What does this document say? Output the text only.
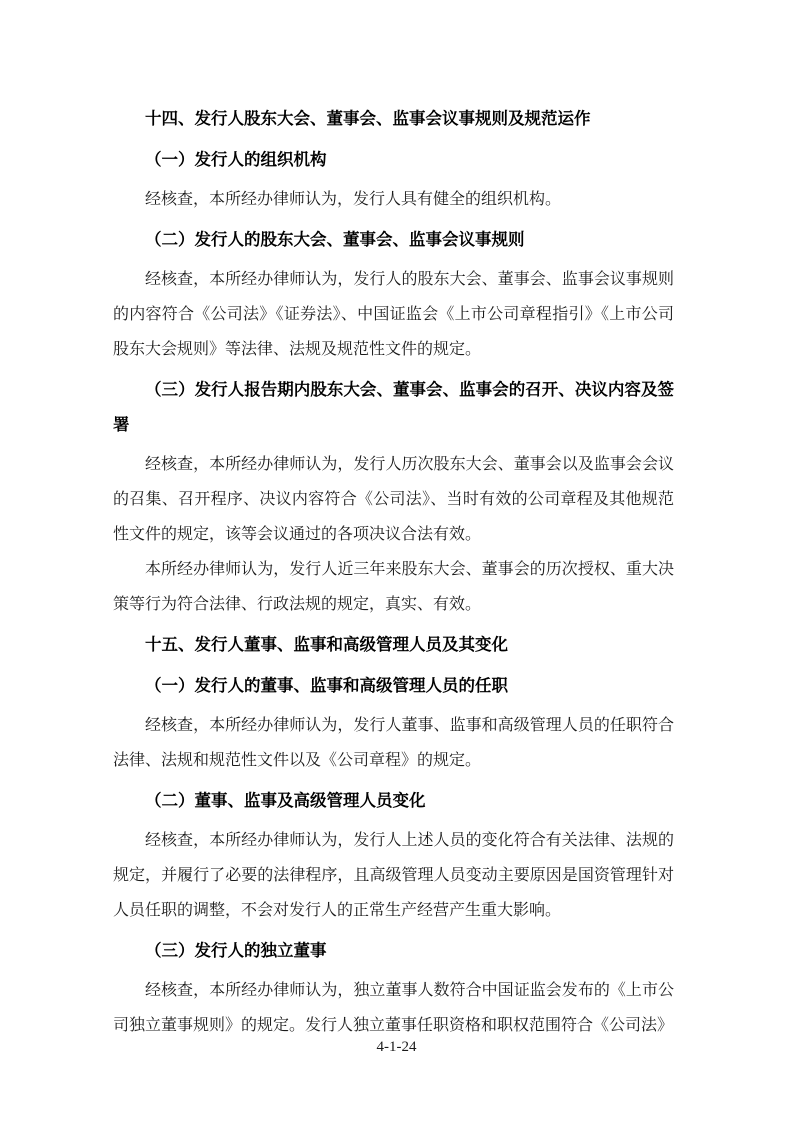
十四、发行人股东大会、董事会、监事会议事规则及规范运作
（一）发行人的组织机构

经核查，本所经办律师认为，发行人具有健全的组织机构。

（二）发行人的股东大会、董事会、监事会议事规则

经核查，本所经办律师认为，发行人的股东大会、董事会、监事会议事规则的内容符合《公司法》《证券法》、中国证监会《上市公司章程指引》《上市公司股东大会规则》等法律、法规及规范性文件的规定。

（三）发行人报告期内股东大会、董事会、监事会的召开、决议内容及签署

经核查，本所经办律师认为，发行人历次股东大会、董事会以及监事会会议的召集、召开程序、决议内容符合《公司法》、当时有效的公司章程及其他规范性文件的规定，该等会议通过的各项决议合法有效。

本所经办律师认为，发行人近三年来股东大会、董事会的历次授权、重大决策等行为符合法律、行政法规的规定，真实、有效。

十五、发行人董事、监事和高级管理人员及其变化
（一）发行人的董事、监事和高级管理人员的任职

经核查，本所经办律师认为，发行人董事、监事和高级管理人员的任职符合法律、法规和规范性文件以及《公司章程》的规定。

（二）董事、监事及高级管理人员变化

经核查，本所经办律师认为，发行人上述人员的变化符合有关法律、法规的规定，并履行了必要的法律程序，且高级管理人员变动主要原因是国资管理针对人员任职的调整，不会对发行人的正常生产经营产生重大影响。

（三）发行人的独立董事

经核查，本所经办律师认为，独立董事人数符合中国证监会发布的《上市公司独立董事规则》的规定。发行人独立董事任职资格和职权范围符合《公司法》

4-1-24
